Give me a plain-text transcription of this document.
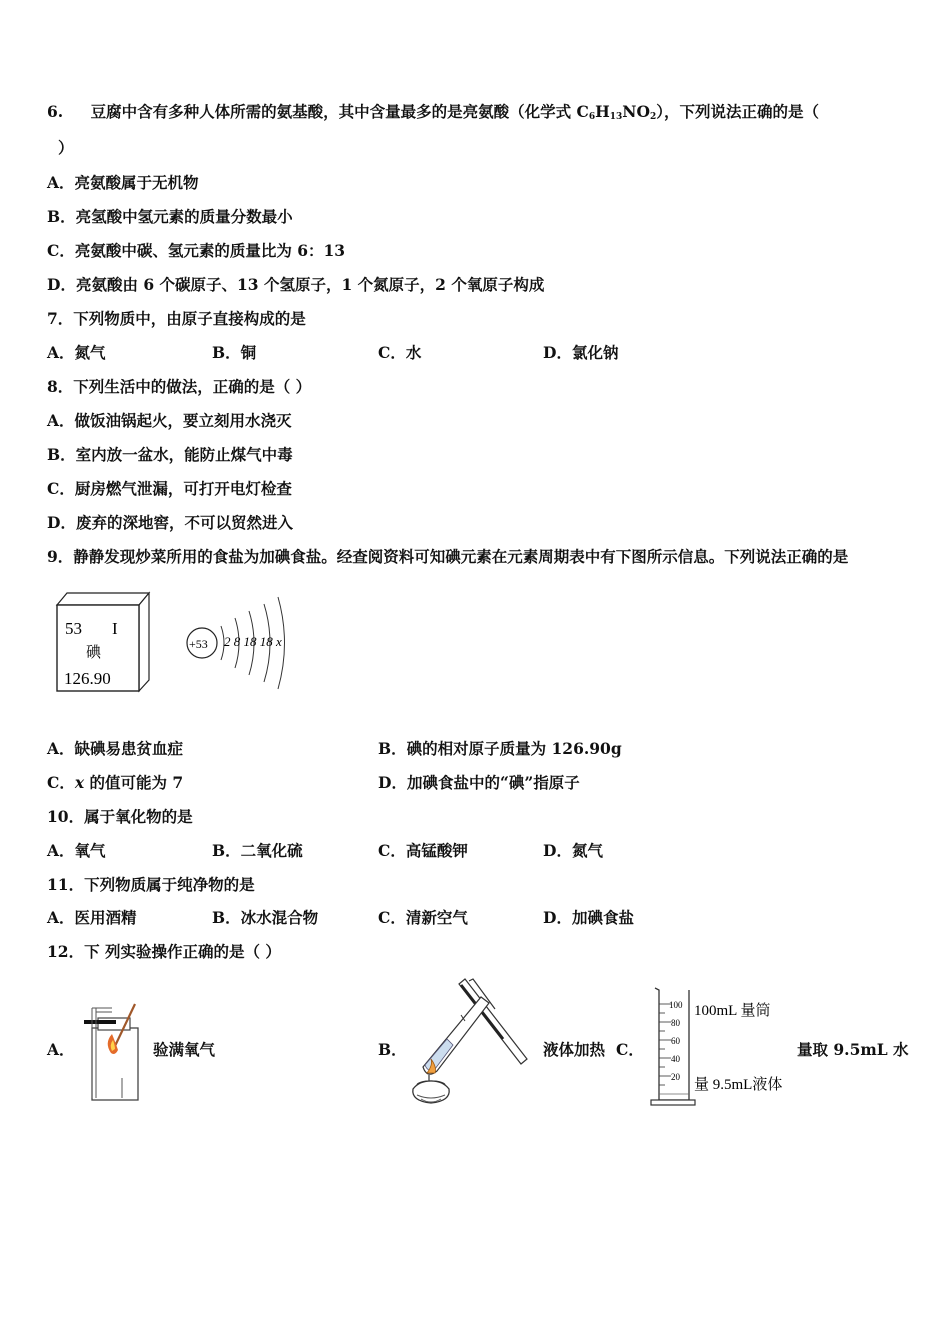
6. 豆腐中含有多种人体所需的氨基酸，其中含量最多的是亮氨酸（化学式 $C_6H_{13}NO_2$），下列说法正确的是（
）
A．亮氨酸属于无机物
B．亮氢酸中氢元素的质量分数最小
C．亮氨酸中碳、氢元素的质量比为 6：13
D．亮氨酸由 6 个碳原子、13 个氢原子，1 个氮原子，2 个氧原子构成
7．下列物质中，由原子直接构成的是
A．氮气	B．铜	C．水	D．氯化钠
8．下列生活中的做法，正确的是（ ）
A．做饭油锅起火，要立刻用水浇灭
B．室内放一盆水，能防止煤气中毒
C．厨房燃气泄漏，可打开电灯检查
D．废弃的深地窖，不可以贸然进入
9．静静发现炒菜所用的食盐为加碘食盐。经查阅资料可知碘元素在元素周期表中有下图所示信息。下列说法正确的是
53 I
碘
126.90
+53 2 8 18 18 x
A．缺碘易患贫血症	B．碘的相对原子质量为 126.90g
C．x 的值可能为 7	D．加碘食盐中的“碘”指原子
10．属于氧化物的是
A．氧气	B．二氧化硫	C．高锰酸钾	D．氮气
11．下列物质属于纯净物的是
A．医用酒精	B．冰水混合物	C．清新空气	D．加碘食盐
12．下 列实验操作正确的是（ ）
A．	验满氧气	B．	液体加热 C．
100
80
60
40
20
100mL 量筒
量 9.5mL液体
量取 9.5mL 水
